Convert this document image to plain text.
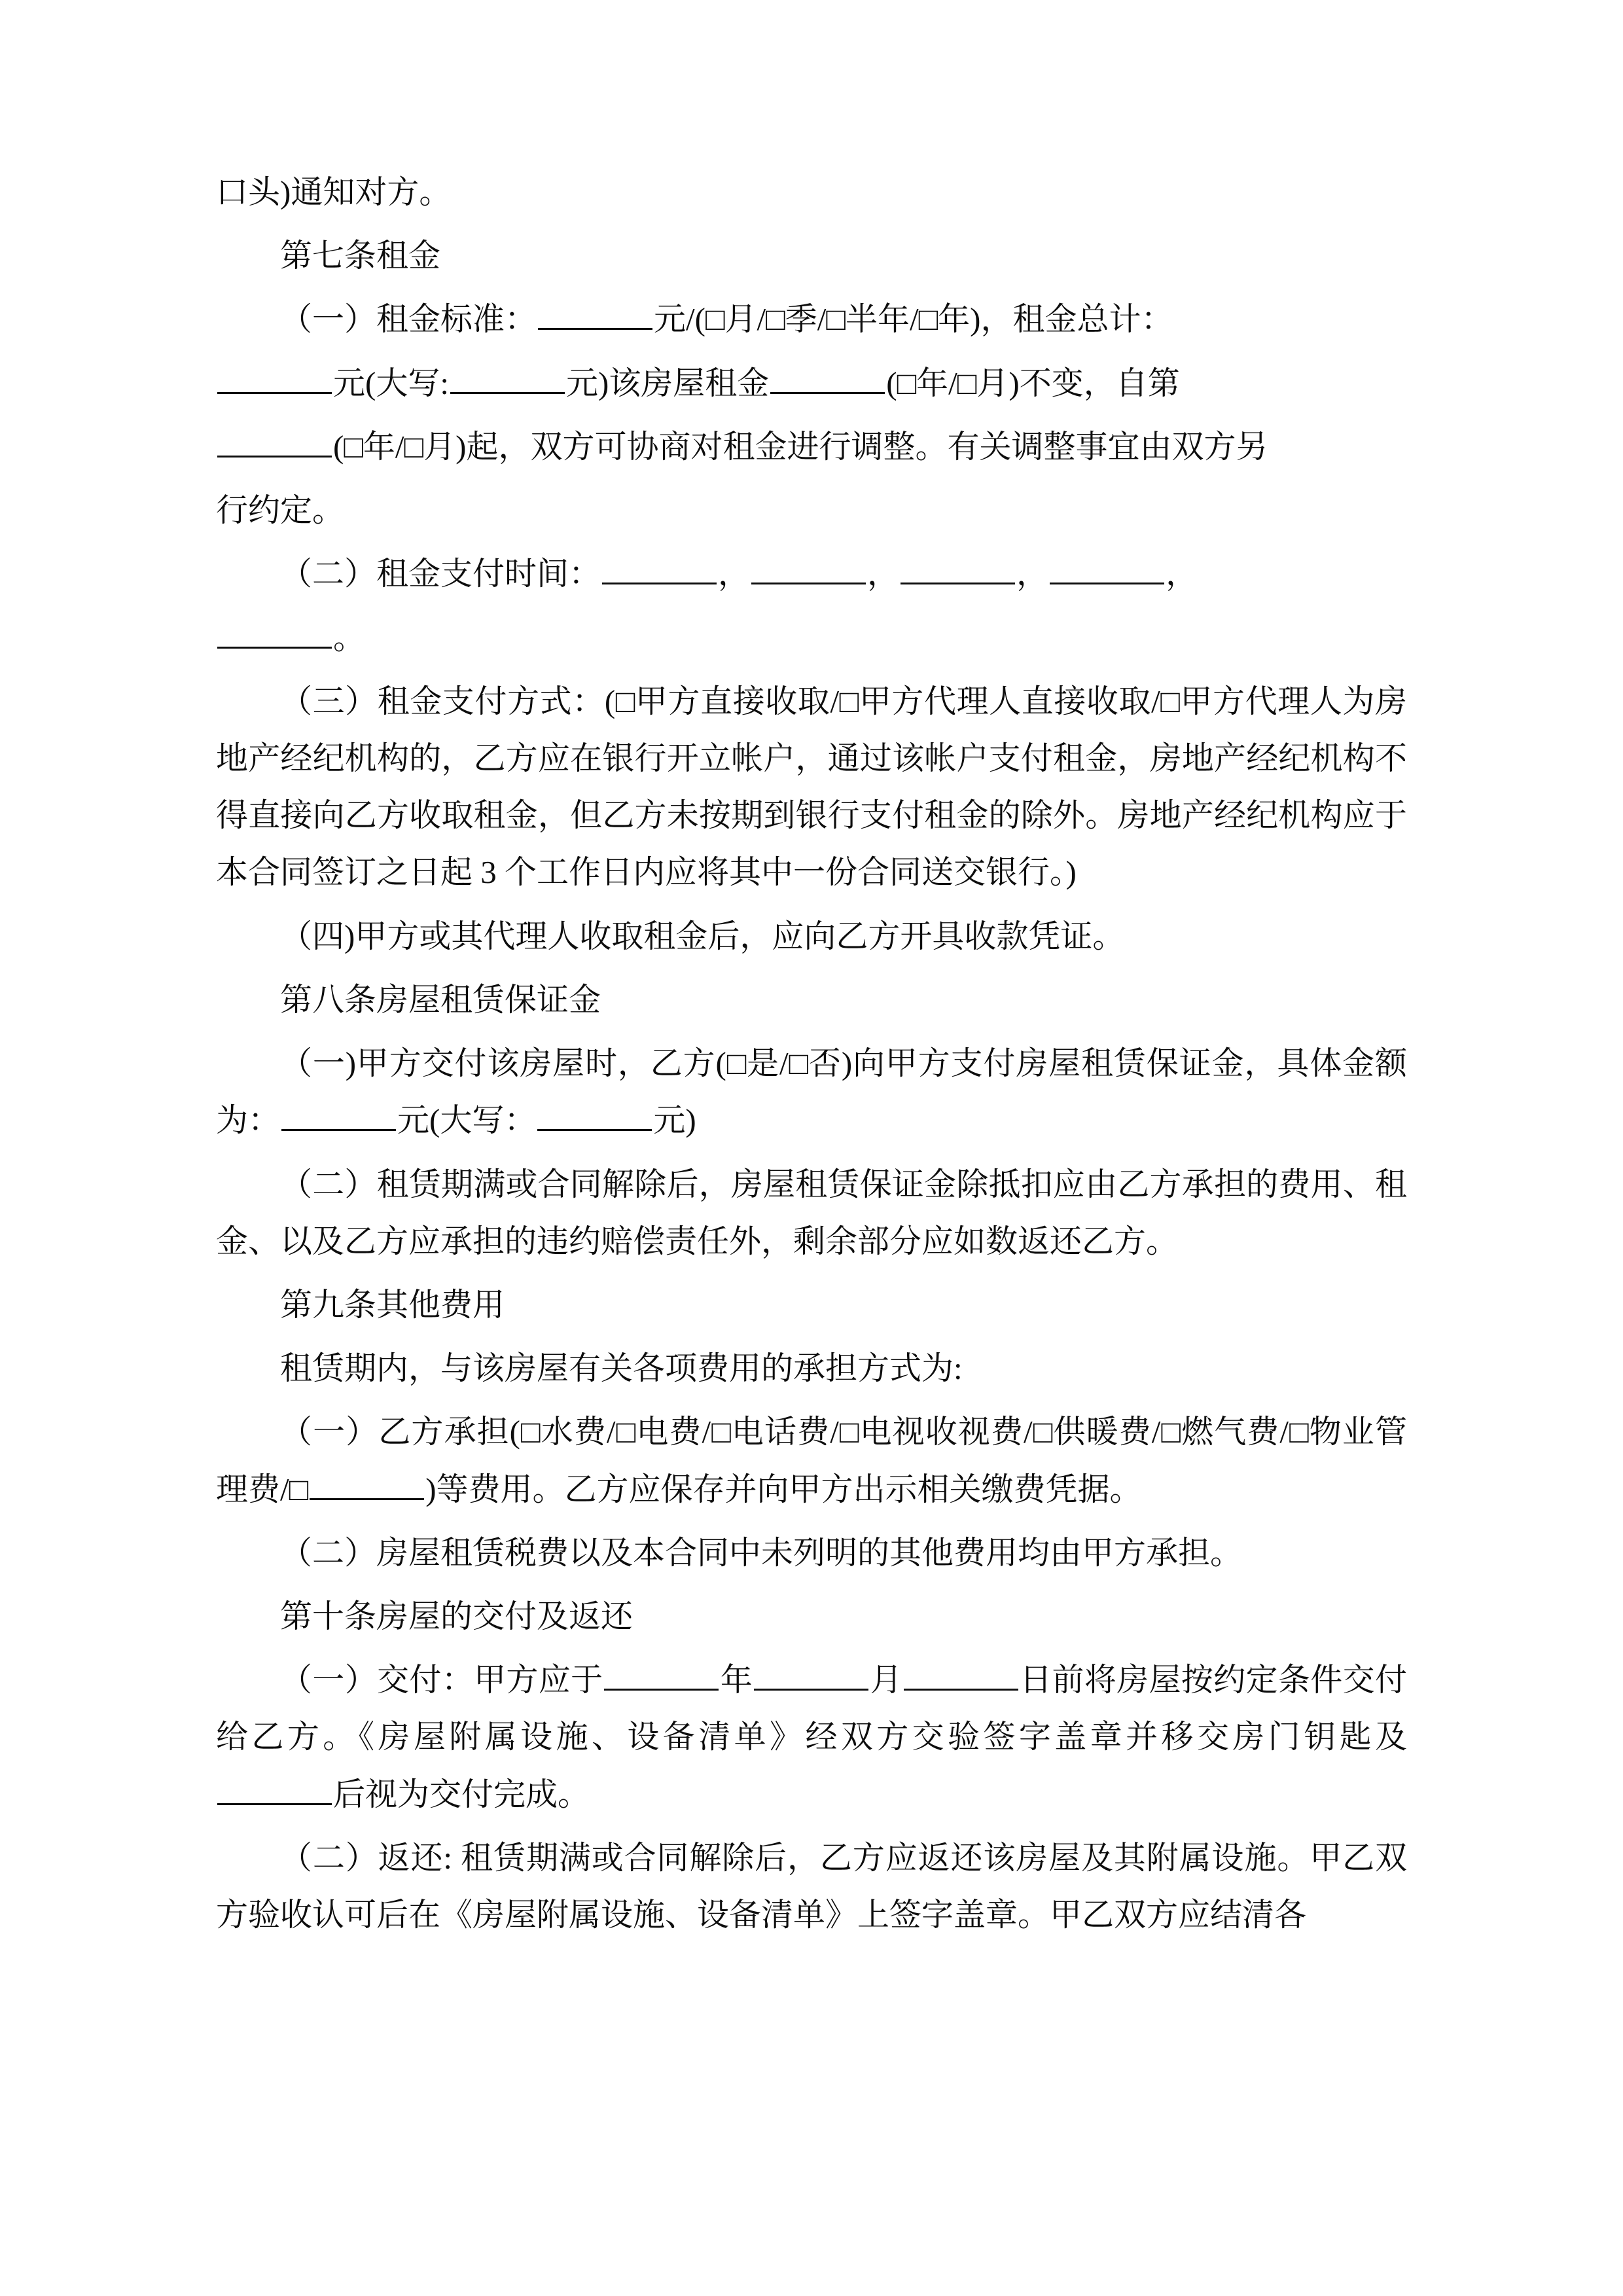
口头)通知对方。

第七条租金

（一）租金标准：	元/(□月/□季/□半年/□年)，租金总计：

元(大写:	元)该房屋租金	(□年/□月)不变，自第

(□年/□月)起，双方可协商对租金进行调整。有关调整事宜由双方另

行约定。

（二）租金支付时间：	，	，	，	，

。

（三）租金支付方式：(□甲方直接收取/□甲方代理人直接收取/□甲方代理人为房地产经纪机构的，乙方应在银行开立帐户，通过该帐户支付租金，房地产经纪机构不得直接向乙方收取租金，但乙方未按期到银行支付租金的除外。房地产经纪机构应于本合同签订之日起 3 个工作日内应将其中一份合同送交银行。)

（四)甲方或其代理人收取租金后，应向乙方开具收款凭证。

第八条房屋租赁保证金

（一)甲方交付该房屋时，乙方(□是/□否)向甲方支付房屋租赁保证金，具体金额为：	元(大写：	元)

（二）租赁期满或合同解除后，房屋租赁保证金除抵扣应由乙方承担的费用、租金、以及乙方应承担的违约赔偿责任外，剩余部分应如数返还乙方。

第九条其他费用

租赁期内，与该房屋有关各项费用的承担方式为:

（一）乙方承担(□水费/□电费/□电话费/□电视收视费/□供暖费/□燃气费/□物业管理费/□	)等费用。乙方应保存并向甲方出示相关缴费凭据。

（二）房屋租赁税费以及本合同中未列明的其他费用均由甲方承担。

第十条房屋的交付及返还

（一）交付：甲方应于	年	月	日前将房屋按约定条件交付给乙方。《房屋附属设施、设备清单》经双方交验签字盖章并移交房门钥匙及后视为交付完成。

（二）返还: 租赁期满或合同解除后，乙方应返还该房屋及其附属设施。甲乙双方验收认可后在《房屋附属设施、设备清单》上签字盖章。甲乙双方应结清各
